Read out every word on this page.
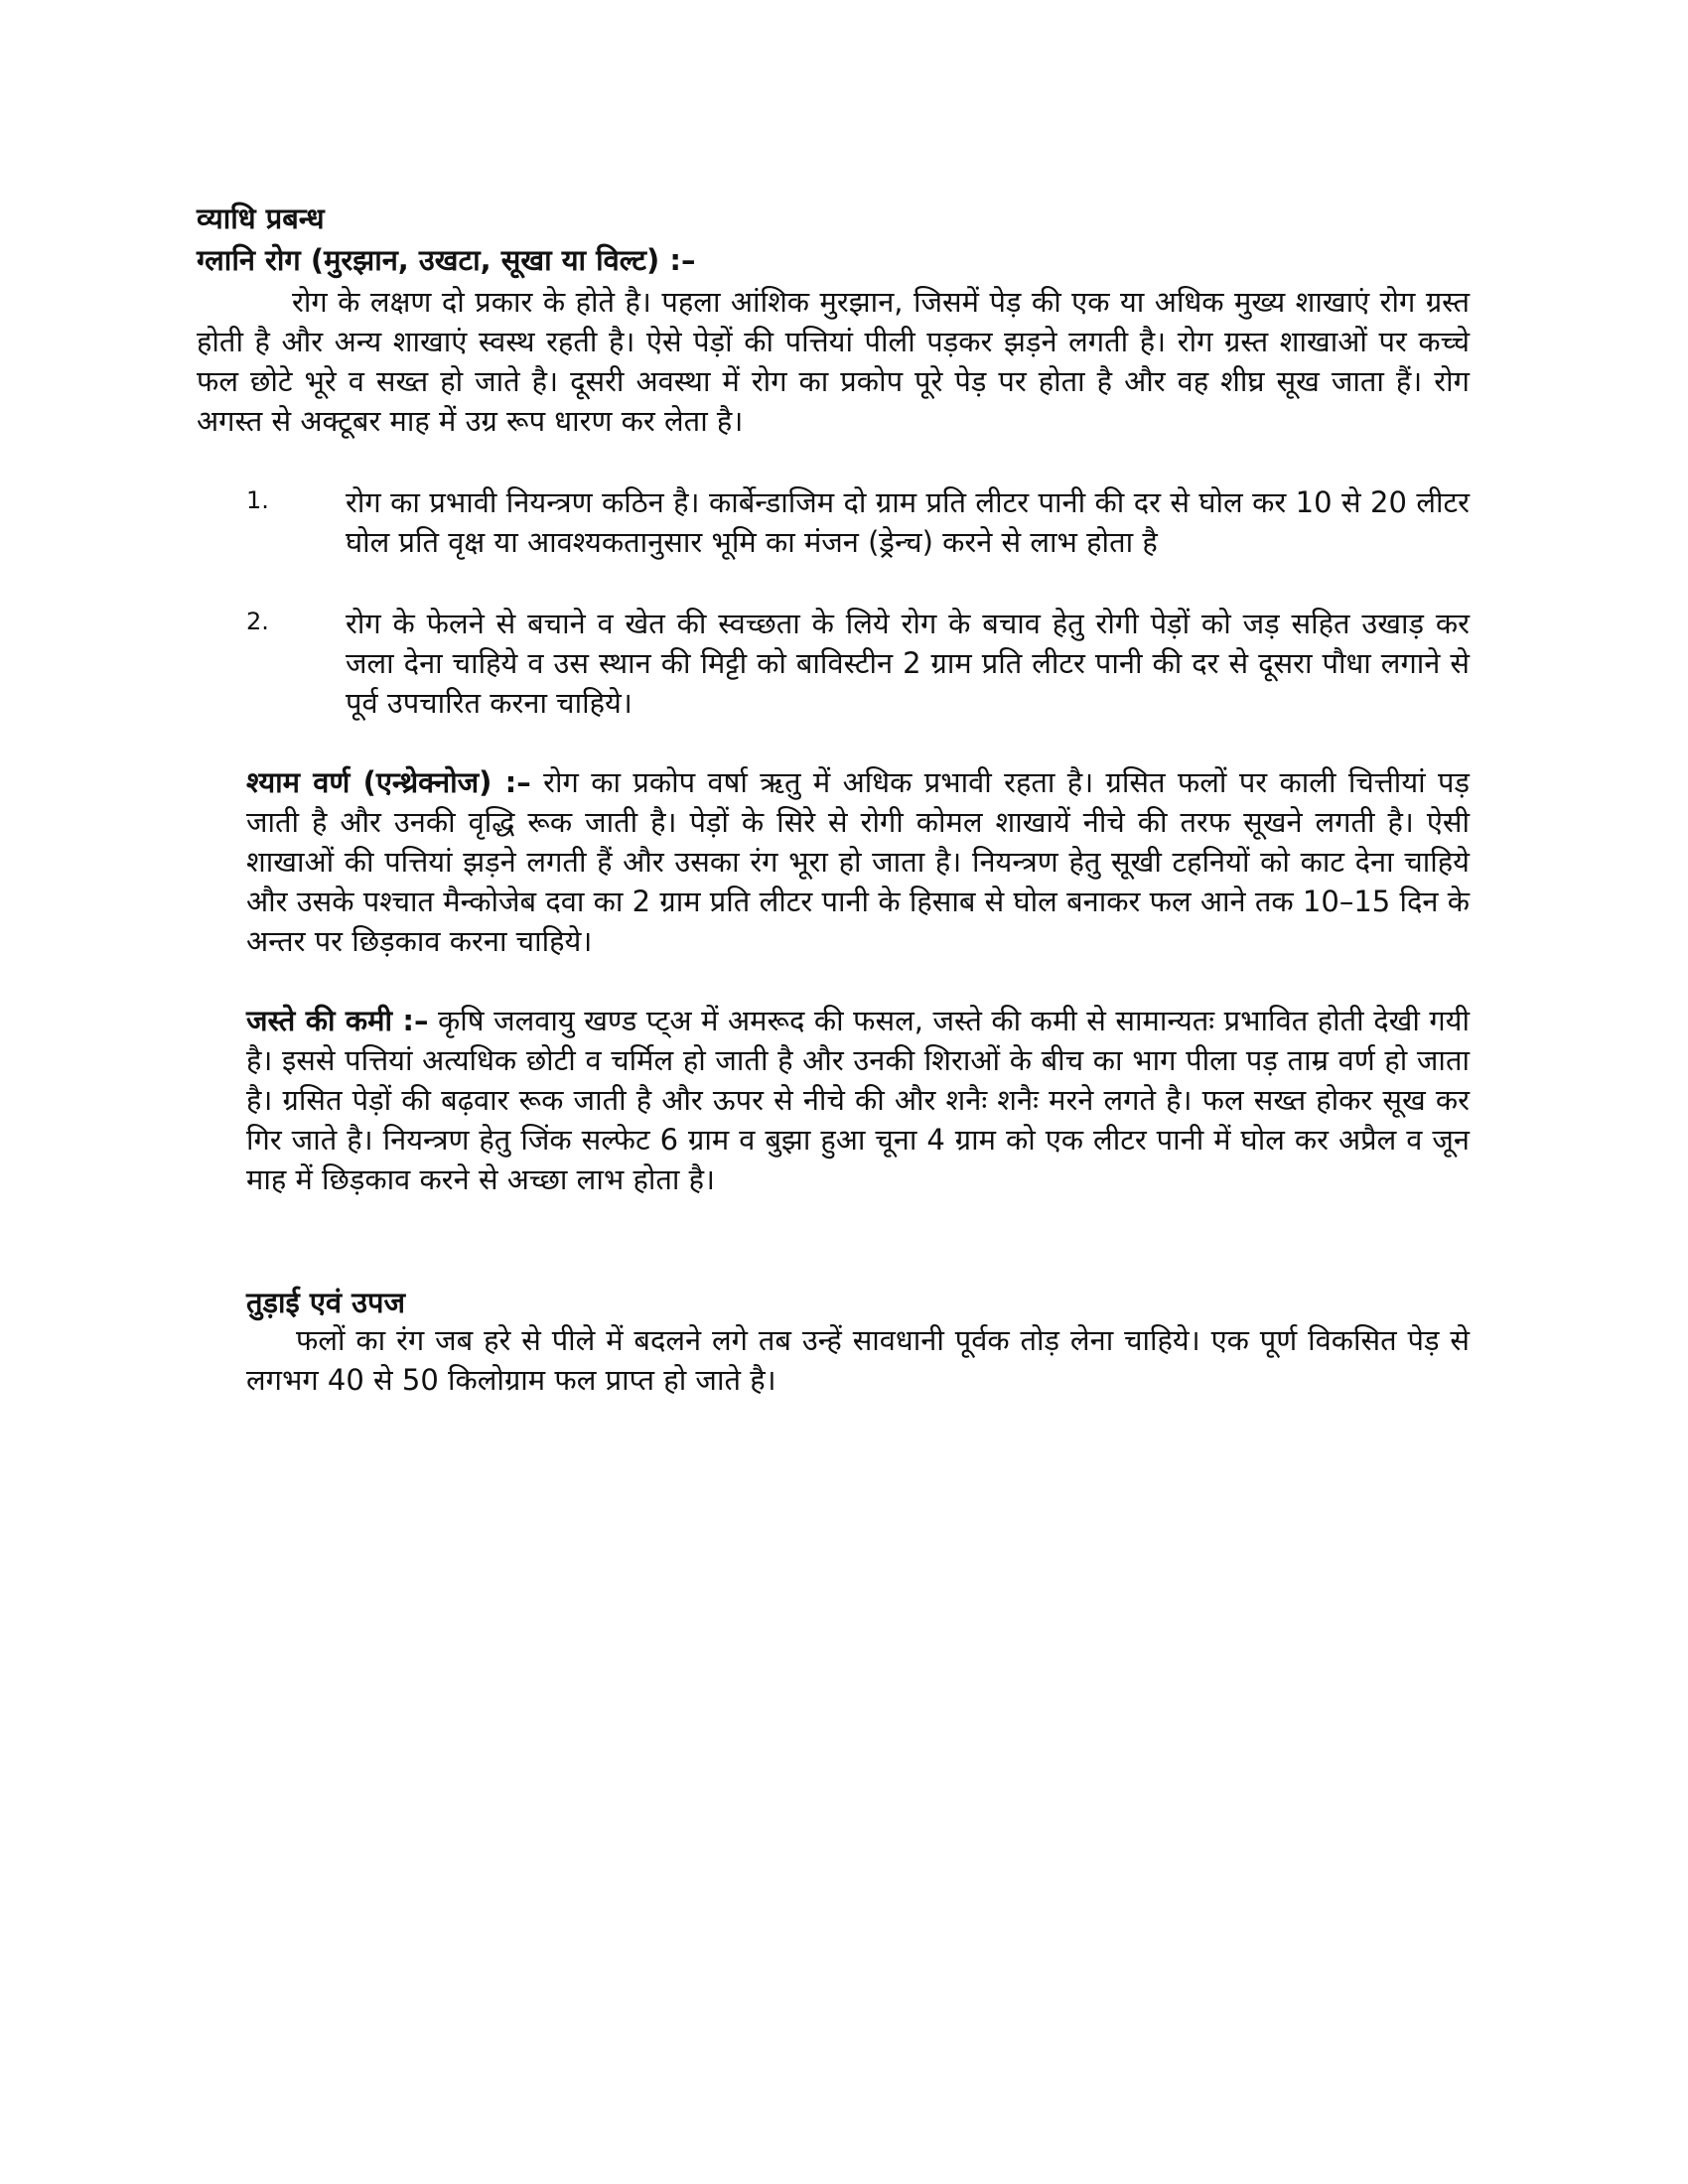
व्याधि प्रबन्ध
ग्लानि रोग (मुरझान, उखटा, सूखा या विल्ट) :–

रोग के लक्षण दो प्रकार के होते है। पहला आंशिक मुरझान, जिसमें पेड़ की एक या अधिक मुख्य शाखाएं रोग ग्रस्त होती है और अन्य शाखाएं स्वस्थ रहती है। ऐसे पेड़ों की पत्तियां पीली पड़कर झड़ने लगती है। रोग ग्रस्त शाखाओं पर कच्चे फल छोटे भूरे व सख्त हो जाते है। दूसरी अवस्था में रोग का प्रकोप पूरे पेड़ पर होता है और वह शीघ्र सूख जाता हैं। रोग अगस्त से अक्टूबर माह में उग्र रूप धारण कर लेता है।

1.	रोग का प्रभावी नियन्त्रण कठिन है। कार्बेन्डाजिम दो ग्राम प्रति लीटर पानी की दर से घोल कर 10 से 20 लीटर घोल प्रति वृक्ष या आवश्यकतानुसार भूमि का मंजन (ड्रेन्च) करने से लाभ होता है

2.	रोग के फेलने से बचाने व खेत की स्वच्छता के लिये रोग के बचाव हेतु रोगी पेड़ों को जड़ सहित उखाड़ कर जला देना चाहिये व उस स्थान की मिट्टी को बाविस्टीन 2 ग्राम प्रति लीटर पानी की दर से दूसरा पौधा लगाने से पूर्व उपचारित करना चाहिये।

श्याम वर्ण (एन्थ्रेक्नोज) :– रोग का प्रकोप वर्षा ऋतु में अधिक प्रभावी रहता है। ग्रसित फलों पर काली चित्तीयां पड़ जाती है और उनकी वृद्धि रूक जाती है। पेड़ों के सिरे से रोगी कोमल शाखायें नीचे की तरफ सूखने लगती है। ऐसी शाखाओं की पत्तियां झड़ने लगती हैं और उसका रंग भूरा हो जाता है। नियन्त्रण हेतु सूखी टहनियों को काट देना चाहिये और उसके पश्चात मैन्कोजेब दवा का 2 ग्राम प्रति लीटर पानी के हिसाब से घोल बनाकर फल आने तक 10–15 दिन के अन्तर पर छिड़काव करना चाहिये।

जस्ते की कमी :– कृषि जलवायु खण्ड प्ट्अ में अमरूद की फसल, जस्ते की कमी से सामान्यतः प्रभावित होती देखी गयी है। इससे पत्तियां अत्यधिक छोटी व चर्मिल हो जाती है और उनकी शिराओं के बीच का भाग पीला पड़ ताम्र वर्ण हो जाता है। ग्रसित पेड़ों की बढ़वार रूक जाती है और ऊपर से नीचे की और शनैः शनैः मरने लगते है। फल सख्त होकर सूख कर गिर जाते है। नियन्त्रण हेतु जिंक सल्फेट 6 ग्राम व बुझा हुआ चूना 4 ग्राम को एक लीटर पानी में घोल कर अप्रैल व जून माह में छिड़काव करने से अच्छा लाभ होता है।

तुड़ाई एवं उपज

फलों का रंग जब हरे से पीले में बदलने लगे तब उन्हें सावधानी पूर्वक तोड़ लेना चाहिये। एक पूर्ण विकसित पेड़ से लगभग 40 से 50 किलोग्राम फल प्राप्त हो जाते है।
